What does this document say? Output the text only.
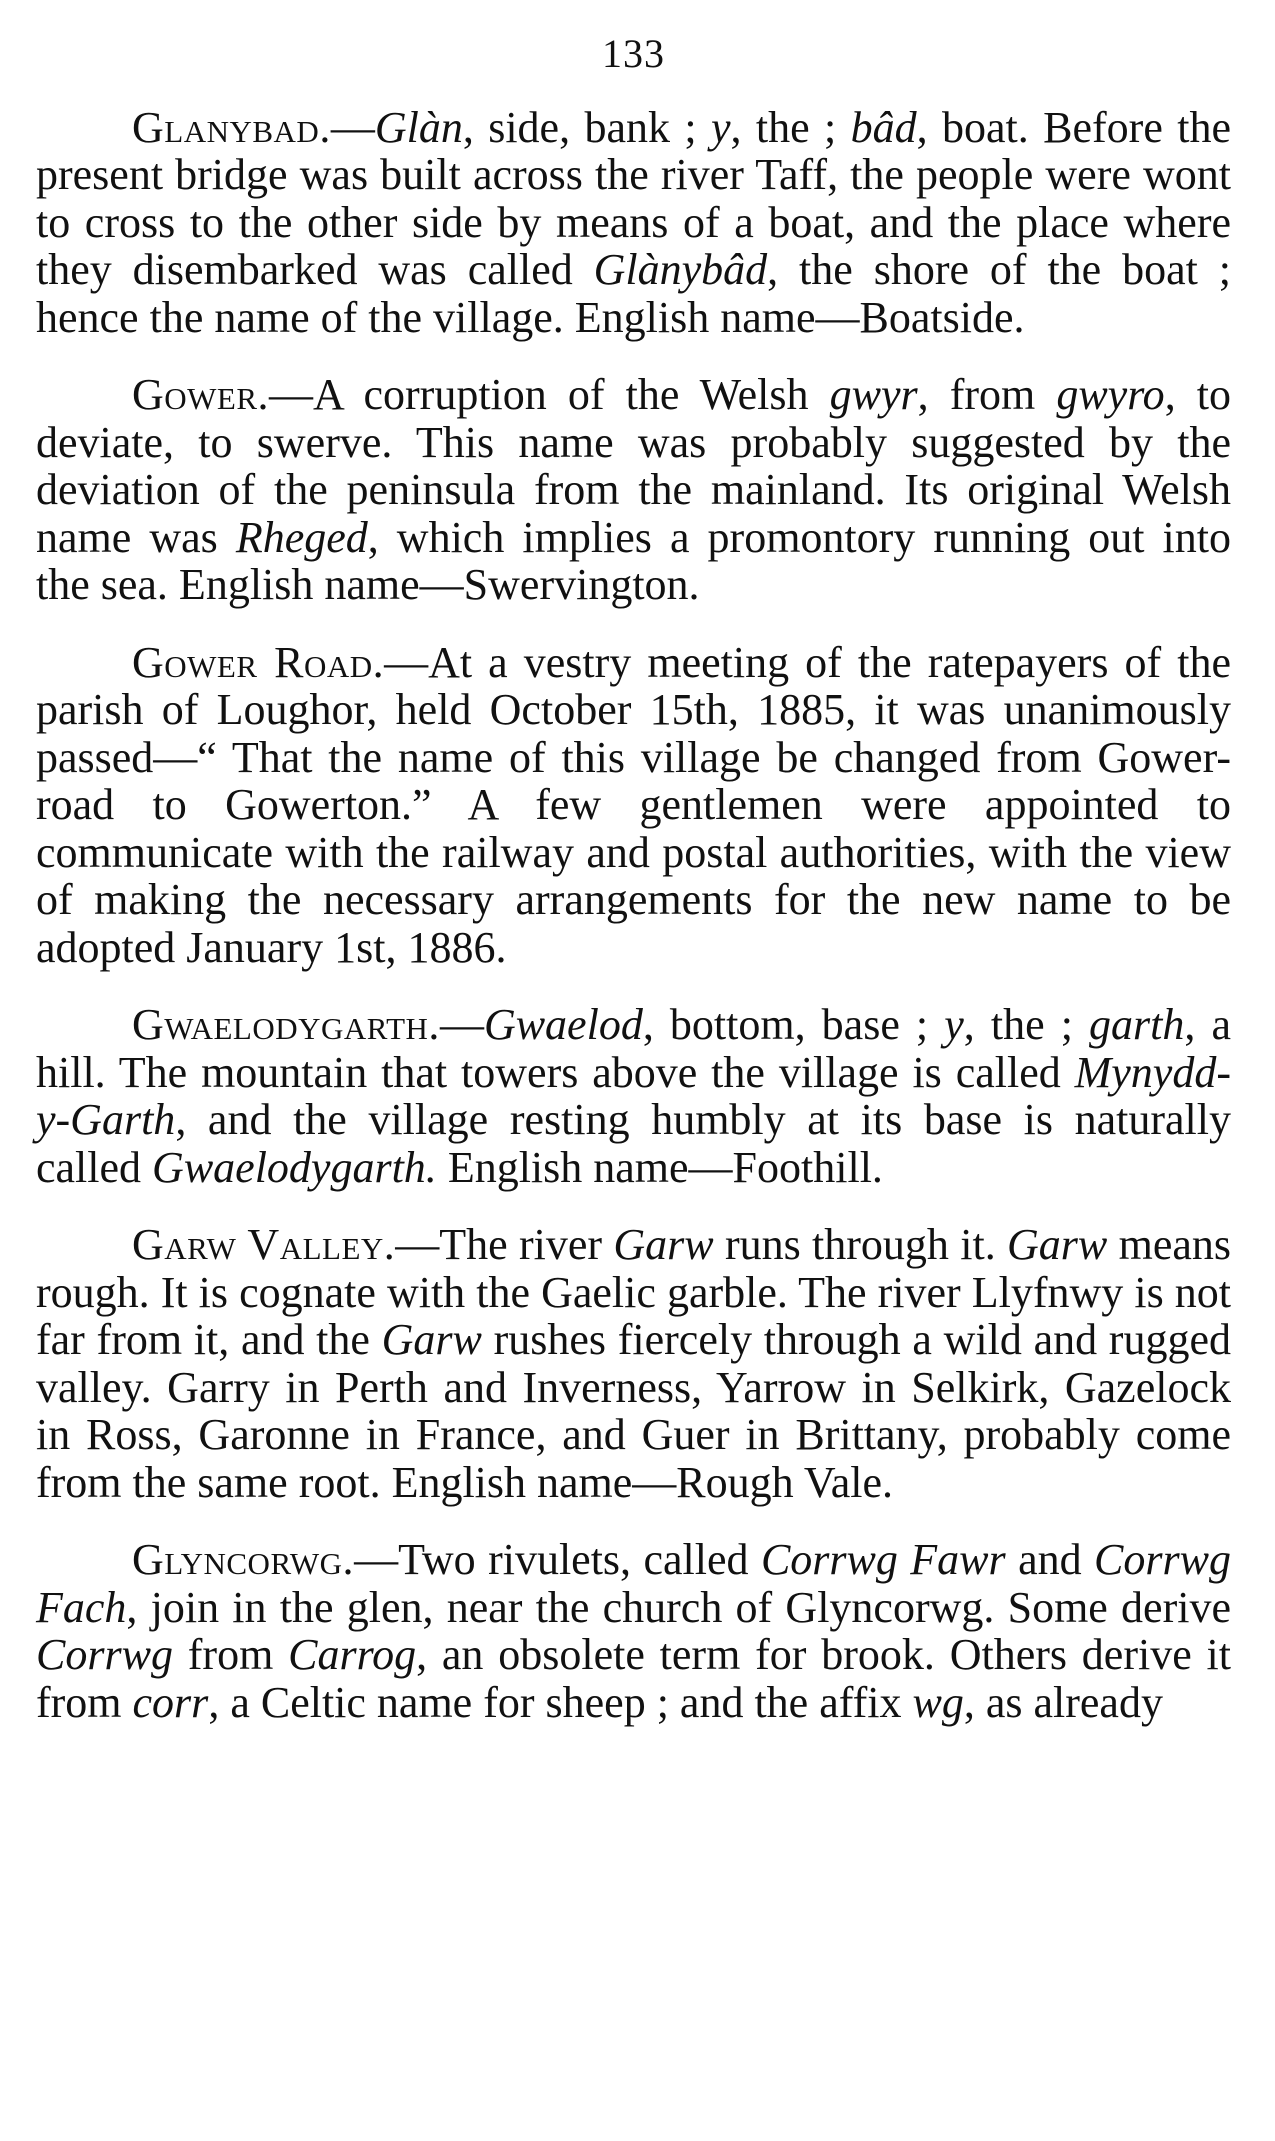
133

Glanybad.—Glàn, side, bank ; y, the ; bâd, boat. Before the present bridge was built across the river Taff, the people were wont to cross to the other side by means of a boat, and the place where they disembarked was called Glànybâd, the shore of the boat ; hence the name of the village. English name—Boatside.

Gower.—A corruption of the Welsh gwyr, from gwyro, to deviate, to swerve. This name was probably suggested by the deviation of the peninsula from the mainland. Its original Welsh name was Rheged, which implies a promontory running out into the sea. English name—Swervington.

Gower Road.—At a vestry meeting of the ratepayers of the parish of Loughor, held October 15th, 1885, it was unanimously passed—“ That the name of this village be changed from Gower-road to Gowerton.” A few gentlemen were appointed to communicate with the railway and postal authorities, with the view of making the necessary arrangements for the new name to be adopted January 1st, 1886.

Gwaelodygarth.—Gwaelod, bottom, base ; y, the ; garth, a hill. The mountain that towers above the village is called Mynydd-y-Garth, and the village resting humbly at its base is naturally called Gwaelodygarth. English name—Foothill.

Garw Valley.—The river Garw runs through it. Garw means rough. It is cognate with the Gaelic garble. The river Llyfnwy is not far from it, and the Garw rushes fiercely through a wild and rugged valley. Garry in Perth and Inverness, Yarrow in Selkirk, Gazelock in Ross, Garonne in France, and Guer in Brittany, probably come from the same root. English name—Rough Vale.

Glyncorwg.—Two rivulets, called Corrwg Fawr and Corrwg Fach, join in the glen, near the church of Glyncorwg. Some derive Corrwg from Carrog, an obsolete term for brook. Others derive it from corr, a Celtic name for sheep ; and the affix wg, as already
